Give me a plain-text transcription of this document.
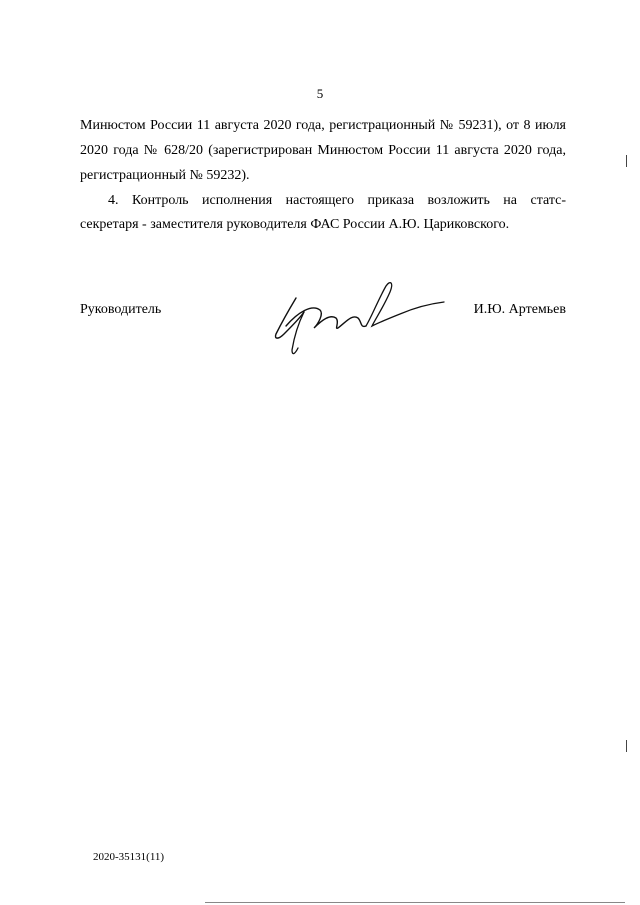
5
Минюстом России 11 августа 2020 года, регистрационный № 59231), от 8 июля
2020 года № 628/20 (зарегистрирован Минюстом России 11 августа 2020 года,
регистрационный № 59232).
4. Контроль исполнения настоящего приказа возложить на статс-
секретаря - заместителя руководителя ФАС России А.Ю. Цариковского.
Руководитель	И.Ю. Артемьев
2020-35131(11)
